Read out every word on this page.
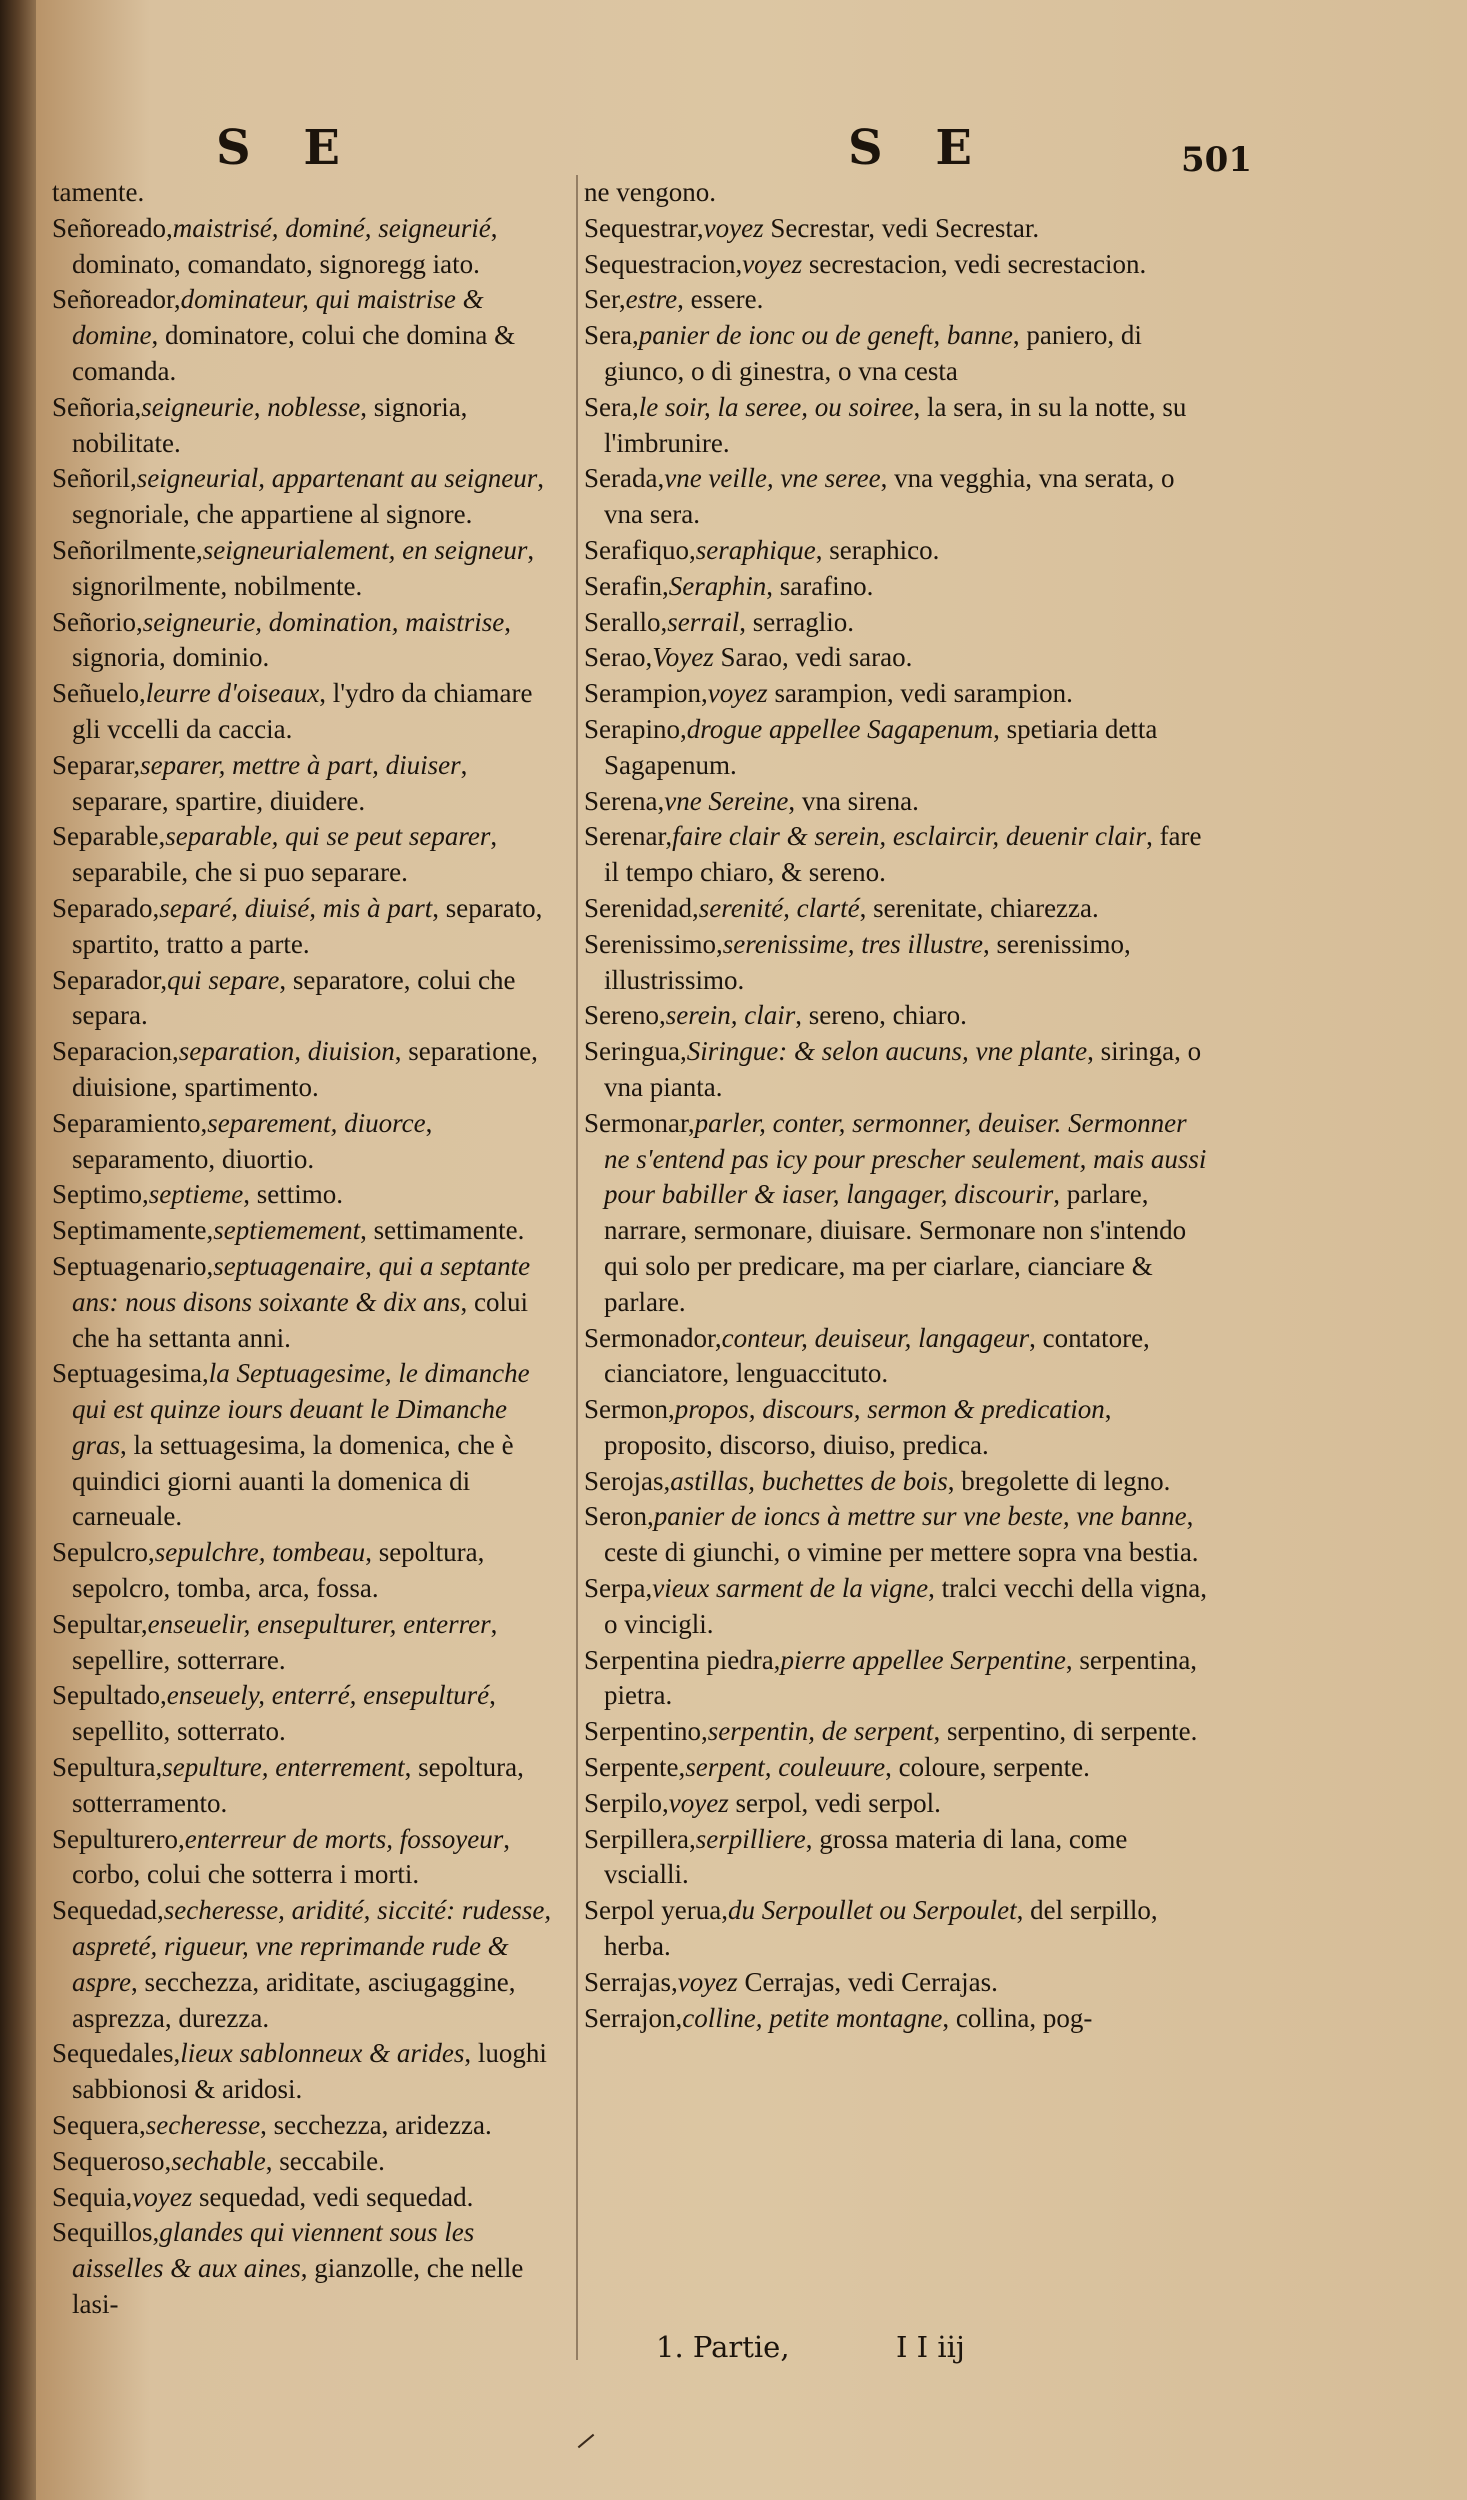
S E	S E	501

tamente.

Señoreado,maistrisé, dominé, seigneurié, dominato, comandato, signoregg iato.

Señoreador,dominateur, qui maistrise & domine, dominatore, colui che domina & comanda.

Señoria,seigneurie, noblesse, signoria, nobilitate.

Señoril,seigneurial, appartenant au seigneur, segnoriale, che appartiene al signore.

Señorilmente,seigneurialement, en seigneur, signorilmente, nobilmente.

Señorio,seigneurie, domination, maistrise, signoria, dominio.

Señuelo,leurre d'oiseaux, l'ydro da chiamare gli vccelli da caccia.

Separar,separer, mettre à part, diuiser, separare, spartire, diuidere.

Separable,separable, qui se peut separer, separabile, che si puo separare.

Separado,separé, diuisé, mis à part, separato, spartito, tratto a parte.

Separador,qui separe, separatore, colui che separa.

Separacion,separation, diuision, separatione, diuisione, spartimento.

Separamiento,separement, diuorce, separamento, diuortio.

Septimo,septieme, settimo.

Septimamente,septiemement, settimamente.

Septuagenario,septuagenaire, qui a septante ans: nous disons soixante & dix ans, colui che ha settanta anni.

Septuagesima,la Septuagesime, le dimanche qui est quinze iours deuant le Dimanche gras, la settuagesima, la domenica, che è quindici giorni auanti la domenica di carneuale.

Sepulcro,sepulchre, tombeau, sepoltura, sepolcro, tomba, arca, fossa.

Sepultar,enseuelir, ensepulturer, enterrer, sepellire, sotterrare.

Sepultado,enseuely, enterré, ensepulturé, sepellito, sotterrato.

Sepultura,sepulture, enterrement, sepoltura, sotterramento.

Sepulturero,enterreur de morts, fossoyeur, corbo, colui che sotterra i morti.

Sequedad,secheresse, aridité, siccité: rudesse, aspreté, rigueur, vne reprimande rude & aspre, secchezza, ariditate, asciugaggine, asprezza, durezza.

Sequedales,lieux sablonneux & arides, luoghi sabbionosi & aridosi.

Sequera,secheresse, secchezza, aridezza.

Sequeroso,sechable, seccabile.

Sequia,voyez sequedad, vedi sequedad.

Sequillos,glandes qui viennent sous les aisselles & aux aines, gianzolle, che nelle lasi-

ne vengono.

Sequestrar,voyez Secrestar, vedi Secrestar.

Sequestracion,voyez secrestacion, vedi secrestacion.

Ser,estre, essere.

Sera,panier de ionc ou de geneft, banne, paniero, di giunco, o di ginestra, o vna cesta

Sera,le soir, la seree, ou soiree, la sera, in su la notte, su l'imbrunire.

Serada,vne veille, vne seree, vna vegghia, vna serata, o vna sera.

Serafiquo,seraphique, seraphico.

Serafin,Seraphin, sarafino.

Serallo,serrail, serraglio.

Serao,Voyez Sarao, vedi sarao.

Serampion,voyez sarampion, vedi sarampion.

Serapino,drogue appellee Sagapenum, spetiaria detta Sagapenum.

Serena,vne Sereine, vna sirena.

Serenar,faire clair & serein, esclaircir, deuenir clair, fare il tempo chiaro, & sereno.

Serenidad,serenité, clarté, serenitate, chiarezza.

Serenissimo,serenissime, tres illustre, serenissimo, illustrissimo.

Sereno,serein, clair, sereno, chiaro.

Seringua,Siringue: & selon aucuns, vne plante, siringa, o vna pianta.

Sermonar,parler, conter, sermonner, deuiser. Sermonner ne s'entend pas icy pour prescher seulement, mais aussi pour babiller & iaser, langager, discourir, parlare, narrare, sermonare, diuisare. Sermonare non s'intendo qui solo per predicare, ma per ciarlare, cianciare & parlare.

Sermonador,conteur, deuiseur, langageur, contatore, cianciatore, lenguaccituto.

Sermon,propos, discours, sermon & predication, proposito, discorso, diuiso, predica.

Serojas,astillas, buchettes de bois, bregolette di legno.

Seron,panier de ioncs à mettre sur vne beste, vne banne, ceste di giunchi, o vimine per mettere sopra vna bestia.

Serpa,vieux sarment de la vigne, tralci vecchi della vigna, o vincigli.

Serpentina piedra,pierre appellee Serpentine, serpentina, pietra.

Serpentino,serpentin, de serpent, serpentino, di serpente.

Serpente,serpent, couleuure, coloure, serpente.

Serpilo,voyez serpol, vedi serpol.

Serpillera,serpilliere, grossa materia di lana, come vscialli.

Serpol yerua,du Serpoullet ou Serpoulet, del serpillo, herba.

Serrajas,voyez Cerrajas, vedi Cerrajas.

Serrajon,colline, petite montagne, collina, pog-

1. Partie,	I I iij
